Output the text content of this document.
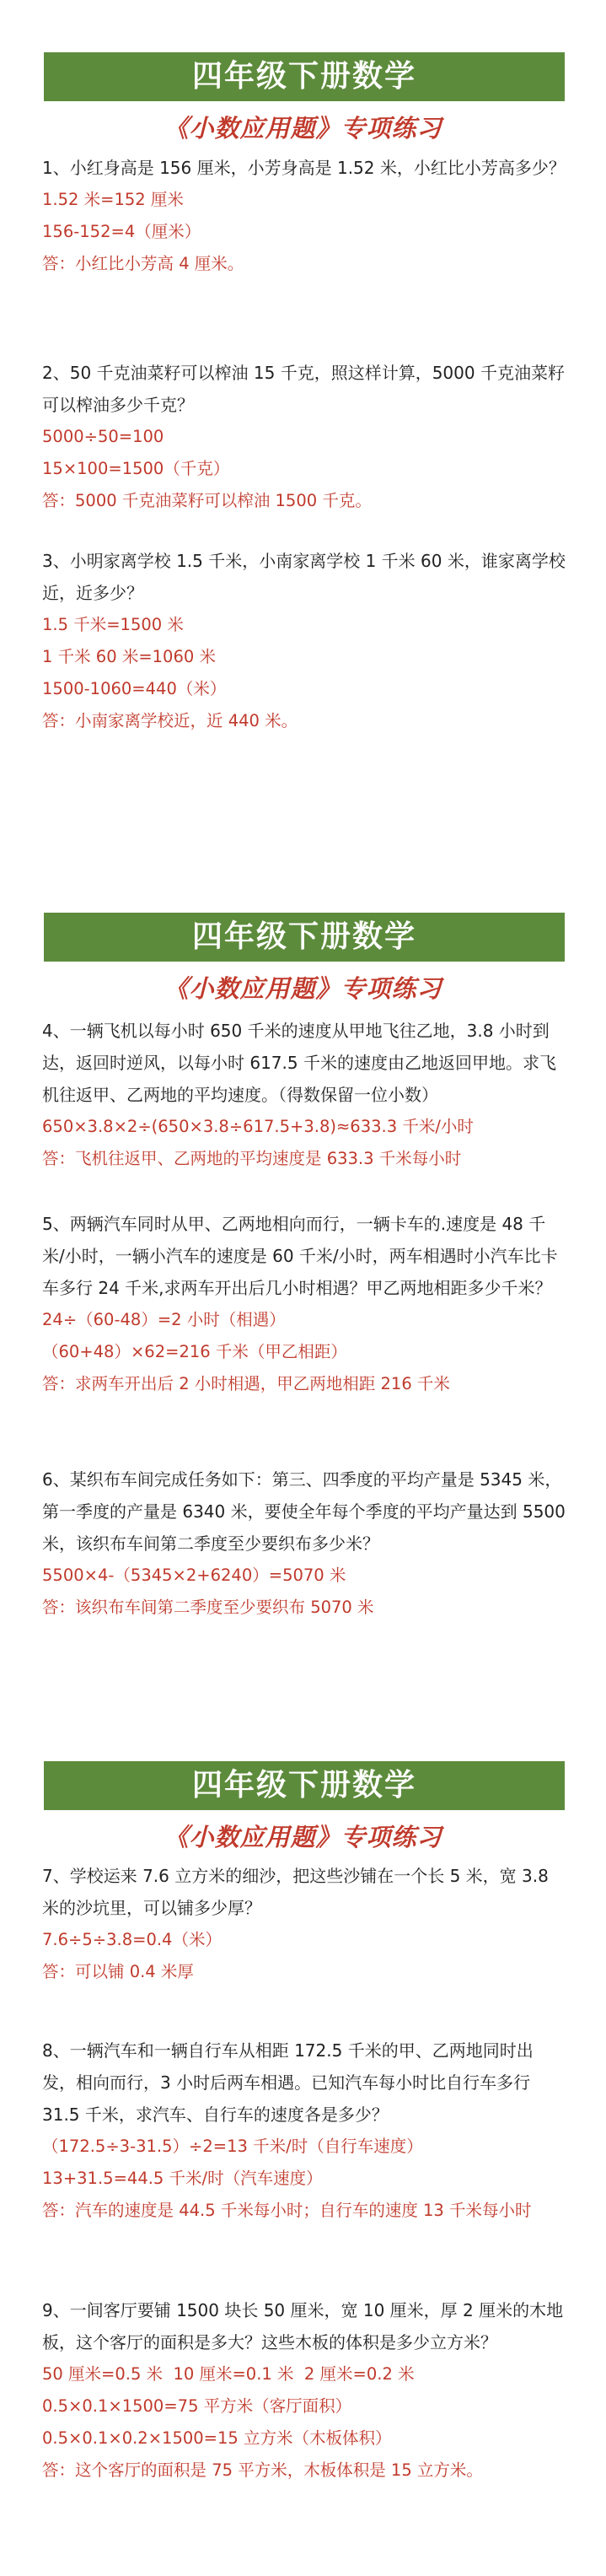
四年级下册数学
《小数应用题》专项练习

1、小红身高是 156 厘米，小芳身高是 1.52 米，小红比小芳高多少？

1.52 米=152 厘米

156-152=4（厘米）

答：小红比小芳高 4 厘米。

2、50 千克油菜籽可以榨油 15 千克，照这样计算，5000 千克油菜籽可以榨油多少千克？

5000÷50=100

15×100=1500（千克）

答：5000 千克油菜籽可以榨油 1500 千克。

3、小明家离学校 1.5 千米，小南家离学校 1 千米 60 米，谁家离学校近，近多少？

1.5 千米=1500 米

1 千米 60 米=1060 米

1500-1060=440（米）

答：小南家离学校近，近 440 米。

四年级下册数学
《小数应用题》专项练习

4、一辆飞机以每小时 650 千米的速度从甲地飞往乙地，3.8 小时到达，返回时逆风，以每小时 617.5 千米的速度由乙地返回甲地。求飞机往返甲、乙两地的平均速度。（得数保留一位小数）

650×3.8×2÷(650×3.8÷617.5+3.8)≈633.3 千米/小时

答：飞机往返甲、乙两地的平均速度是 633.3 千米每小时

5、两辆汽车同时从甲、乙两地相向而行，一辆卡车的.速度是 48 千米/小时，一辆小汽车的速度是 60 千米/小时，两车相遇时小汽车比卡车多行 24 千米,求两车开出后几小时相遇？甲乙两地相距多少千米？

24÷（60-48）=2 小时（相遇）

（60+48）×62=216 千米（甲乙相距）

答：求两车开出后 2 小时相遇，甲乙两地相距 216 千米

6、某织布车间完成任务如下：第三、四季度的平均产量是 5345 米，第一季度的产量是 6340 米，要使全年每个季度的平均产量达到 5500 米，该织布车间第二季度至少要织布多少米？

5500×4-（5345×2+6240）=5070 米

答：该织布车间第二季度至少要织布 5070 米

四年级下册数学
《小数应用题》专项练习

7、学校运来 7.6 立方米的细沙，把这些沙铺在一个长 5 米，宽 3.8 米的沙坑里，可以铺多少厚？

7.6÷5÷3.8=0.4（米）

答：可以铺 0.4 米厚

8、一辆汽车和一辆自行车从相距 172.5 千米的甲、乙两地同时出发，相向而行，3 小时后两车相遇。已知汽车每小时比自行车多行 31.5 千米，求汽车、自行车的速度各是多少？

（172.5÷3-31.5）÷2=13 千米/时（自行车速度）

13+31.5=44.5 千米/时（汽车速度）

答：汽车的速度是 44.5 千米每小时；自行车的速度 13 千米每小时

9、一间客厅要铺 1500 块长 50 厘米，宽 10 厘米，厚 2 厘米的木地板，这个客厅的面积是多大？这些木板的体积是多少立方米？

50 厘米=0.5 米  10 厘米=0.1 米  2 厘米=0.2 米

0.5×0.1×1500=75 平方米（客厅面积）

0.5×0.1×0.2×1500=15 立方米（木板体积）

答：这个客厅的面积是 75 平方米，木板体积是 15 立方米。
